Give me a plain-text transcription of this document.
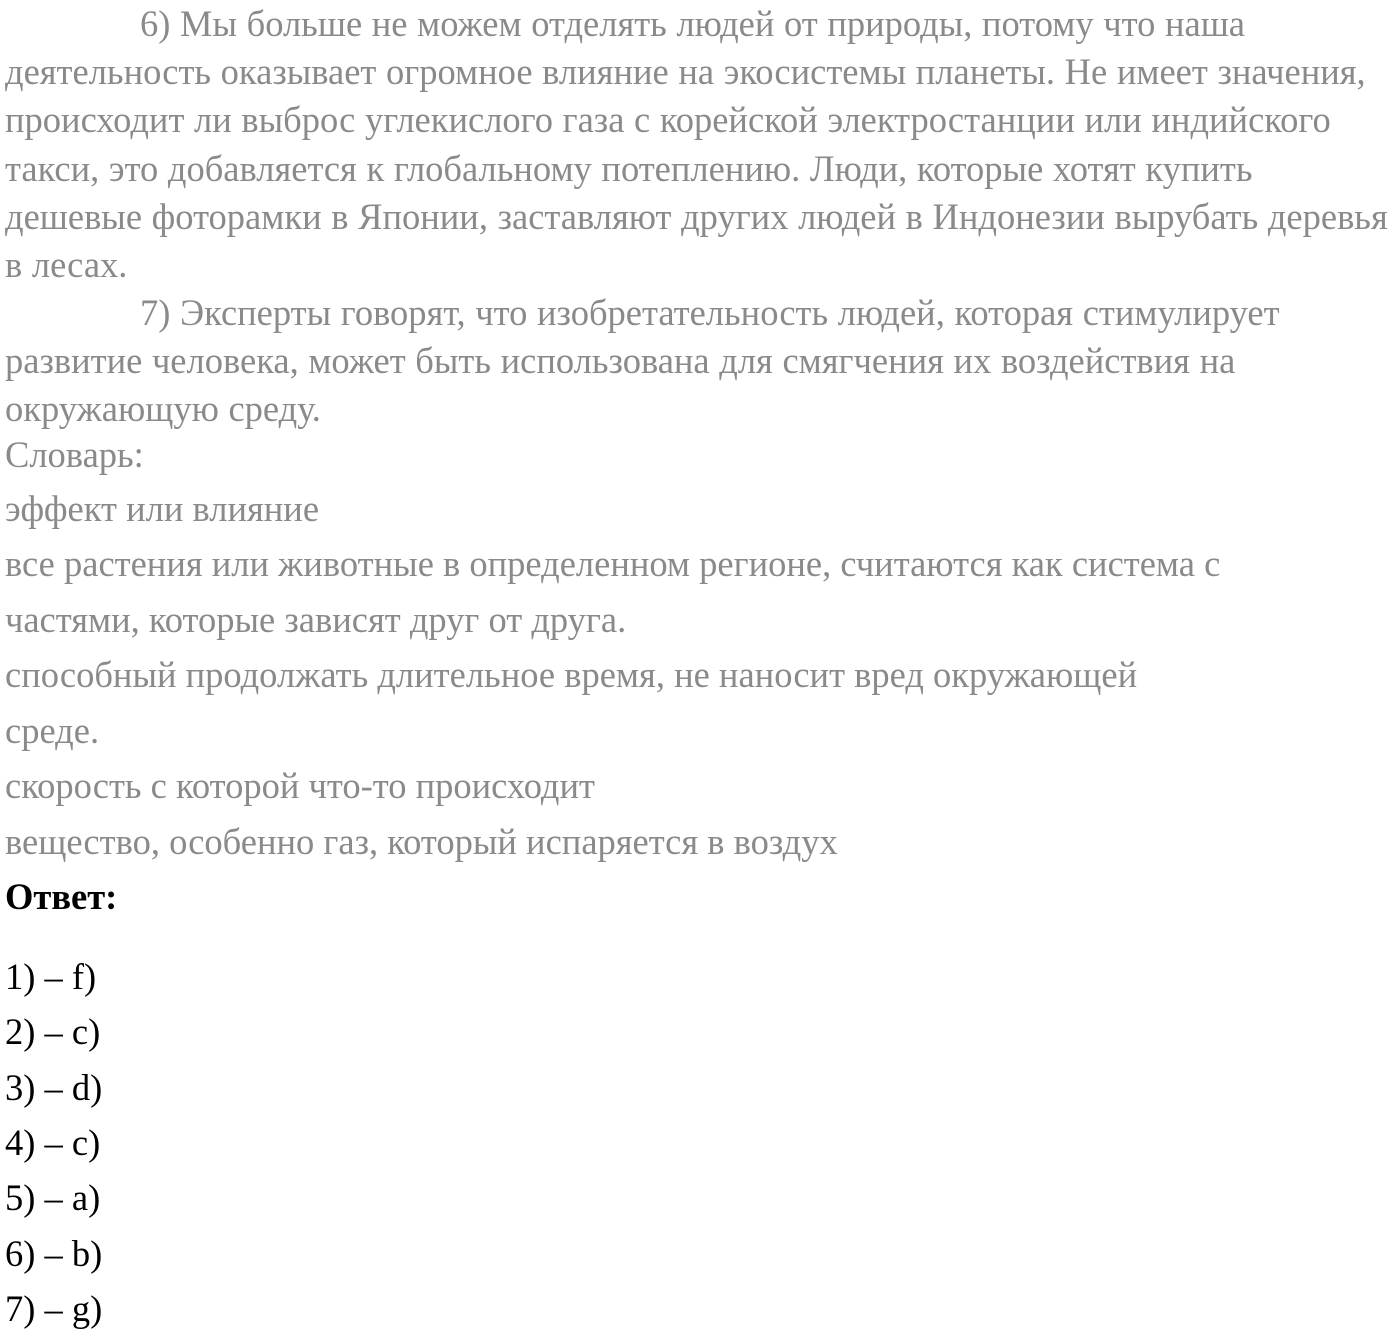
6) Мы больше не можем отделять людей от природы, потому что наша деятельность оказывает огромное влияние на экосистемы планеты. Не имеет значения, происходит ли выброс углекислого газа с корейской электростанции или индийского такси, это добавляется к глобальному потеплению. Люди, которые хотят купить дешевые фоторамки в Японии, заставляют других людей в Индонезии вырубать деревья в лесах.

7) Эксперты говорят, что изобретательность людей, которая стимулирует развитие человека, может быть использована для смягчения их воздействия на окружающую среду.

Словарь:

эффект или влияние

все растения или животные в определенном регионе, считаются как система с

частями, которые зависят друг от друга.

способный продолжать длительное время, не наносит вред окружающей

среде.

скорость с которой что-то происходит

вещество, особенно газ, который испаряется в воздух

Ответ:

1) – f)

2) – c)

3) – d)

4) – c)

5) – a)

6) – b)

7) – g)
